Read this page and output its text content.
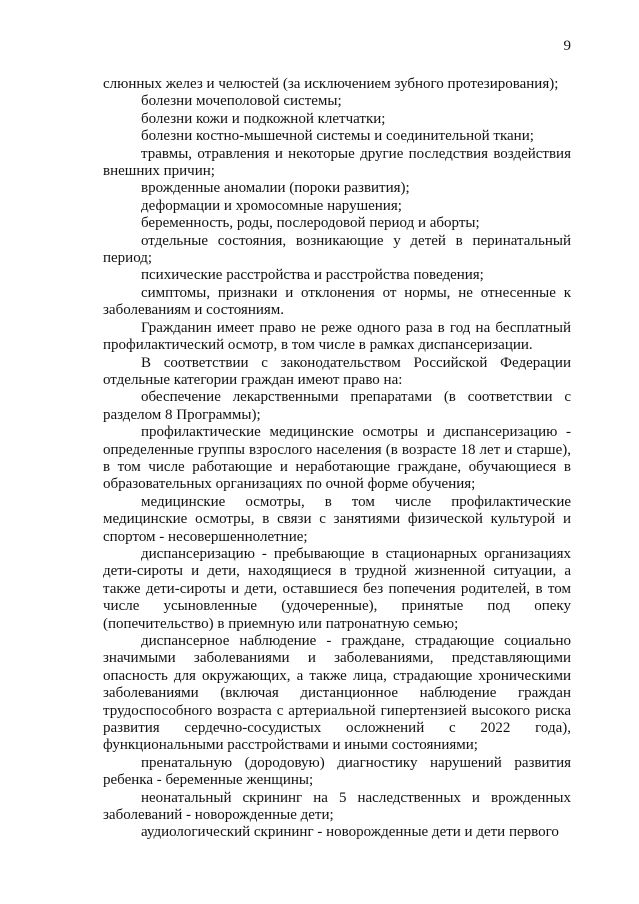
9

слюнных желез и челюстей (за исключением зубного протезирования);

болезни мочеполовой системы;

болезни кожи и подкожной клетчатки;

болезни костно-мышечной системы и соединительной ткани;

травмы, отравления и некоторые другие последствия воздействия внешних причин;

врожденные аномалии (пороки развития);

деформации и хромосомные нарушения;

беременность, роды, послеродовой период и аборты;

отдельные состояния, возникающие у детей в перинатальный период;

психические расстройства и расстройства поведения;

симптомы, признаки и отклонения от нормы, не отнесенные к заболеваниям и состояниям.

Гражданин имеет право не реже одного раза в год на бесплатный профилактический осмотр, в том числе в рамках диспансеризации.

В соответствии с законодательством Российской Федерации отдельные категории граждан имеют право на:

обеспечение лекарственными препаратами (в соответствии с разделом 8 Программы);

профилактические медицинские осмотры и диспансеризацию - определенные группы взрослого населения (в возрасте 18 лет и старше), в том числе работающие и неработающие граждане, обучающиеся в образовательных организациях по очной форме обучения;

медицинские осмотры, в том числе профилактические медицинские осмотры, в связи с занятиями физической культурой и спортом - несовершеннолетние;

диспансеризацию - пребывающие в стационарных организациях дети-сироты и дети, находящиеся в трудной жизненной ситуации, а также дети-сироты и дети, оставшиеся без попечения родителей, в том числе усыновленные (удочеренные), принятые под опеку (попечительство) в приемную или патронатную семью;

диспансерное наблюдение - граждане, страдающие социально значимыми заболеваниями и заболеваниями, представляющими опасность для окружающих, а также лица, страдающие хроническими заболеваниями (включая дистанционное наблюдение граждан трудоспособного возраста с артериальной гипертензией высокого риска развития сердечно-сосудистых осложнений с 2022 года), функциональными расстройствами и иными состояниями;

пренатальную (дородовую) диагностику нарушений развития ребенка - беременные женщины;

неонатальный скрининг на 5 наследственных и врожденных заболеваний - новорожденные дети;

аудиологический скрининг - новорожденные дети и дети первого
